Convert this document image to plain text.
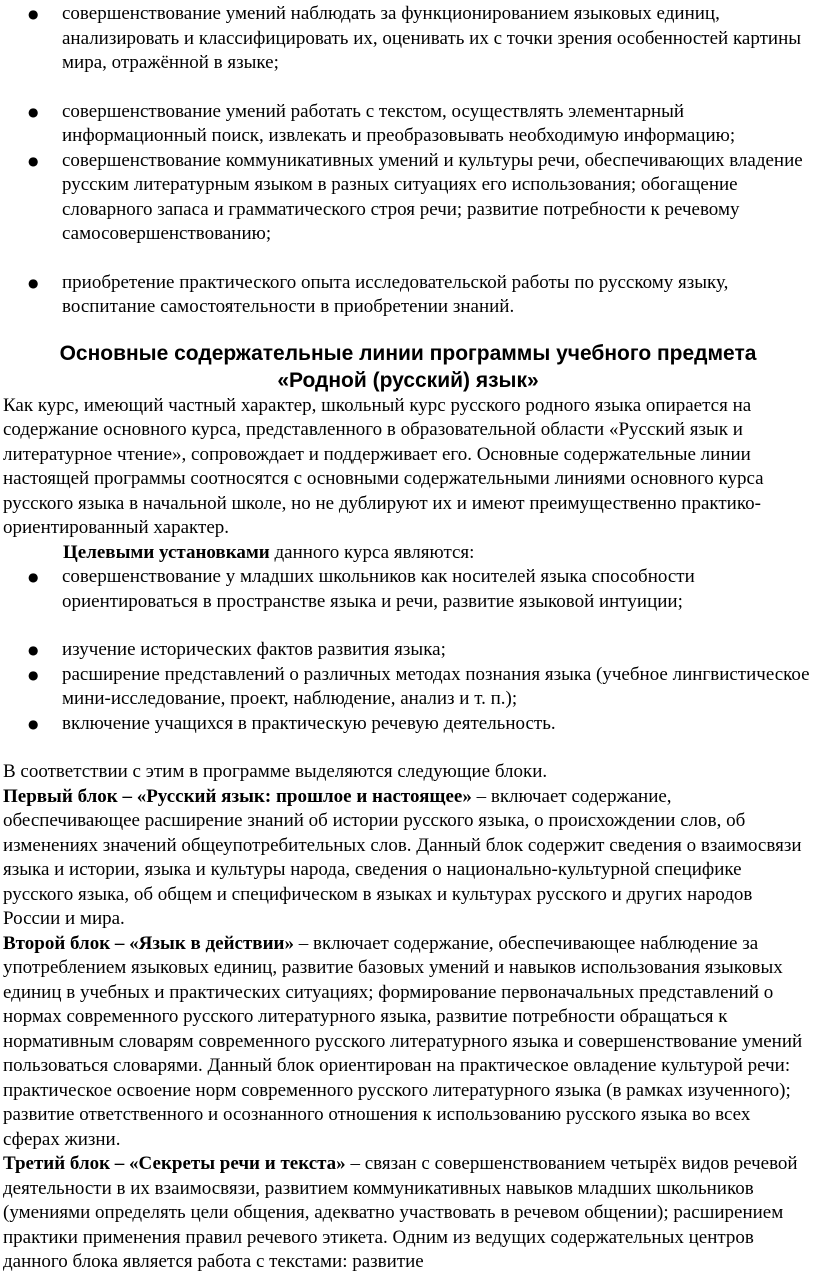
● совершенствование умений наблюдать за функционированием языковых единиц, анализировать и классифицировать их, оценивать их с точки зрения особенностей картины мира, отражённой в языке;
● совершенствование умений работать с текстом, осуществлять элементарный информационный поиск, извлекать и преобразовывать необходимую информацию;
● совершенствование коммуникативных умений и культуры речи, обеспечивающих владение русским литературным языком в разных ситуациях его использования; обогащение словарного запаса и грамматического строя речи; развитие потребности к речевому самосовершенствованию;
● приобретение практического опыта исследовательской работы по русскому языку, воспитание самостоятельности в приобретении знаний.
Основные содержательные линии программы учебного предмета
«Родной (русский) язык»

Как курс, имеющий частный характер, школьный курс русского родного языка опирается на содержание основного курса, представленного в образовательной области «Русский язык и литературное чтение», сопровождает и поддерживает его. Основные содержательные линии настоящей программы соотносятся с основными содержательными линиями основного курса русского языка в начальной школе, но не дублируют их и имеют преимущественно практико-ориентированный характер.

Целевыми установками данного курса являются:

● совершенствование у младших школьников как носителей языка способности ориентироваться в пространстве языка и речи, развитие языковой интуиции;
● изучение исторических фактов развития языка;
● расширение представлений о различных методах познания языка (учебное лингвистическое мини-исследование, проект, наблюдение, анализ и т. п.);
● включение учащихся в практическую речевую деятельность.

В соответствии с этим в программе выделяются следующие блоки.

Первый блок – «Русский язык: прошлое и настоящее» – включает содержание, обеспечивающее расширение знаний об истории русского языка, о происхождении слов, об изменениях значений общеупотребительных слов. Данный блок содержит сведения о взаимосвязи языка и истории, языка и культуры народа, сведения о национально-культурной специфике русского языка, об общем и специфическом в языках и культурах русского и других народов России и мира.

Второй блок – «Язык в действии» – включает содержание, обеспечивающее наблюдение за употреблением языковых единиц, развитие базовых умений и навыков использования языковых единиц в учебных и практических ситуациях; формирование первоначальных представлений о нормах современного русского литературного языка, развитие потребности обращаться к нормативным словарям современного русского литературного языка и совершенствование умений пользоваться словарями. Данный блок ориентирован на практическое овладение культурой речи: практическое освоение норм современного русского литературного языка (в рамках изученного); развитие ответственного и осознанного отношения к использованию русского языка во всех сферах жизни.

Третий блок – «Секреты речи и текста» – связан с совершенствованием четырёх видов речевой деятельности в их взаимосвязи, развитием коммуникативных навыков младших школьников (умениями определять цели общения, адекватно участвовать в речевом общении); расширением практики применения правил речевого этикета. Одним из ведущих содержательных центров данного блока является работа с текстами: развитие
